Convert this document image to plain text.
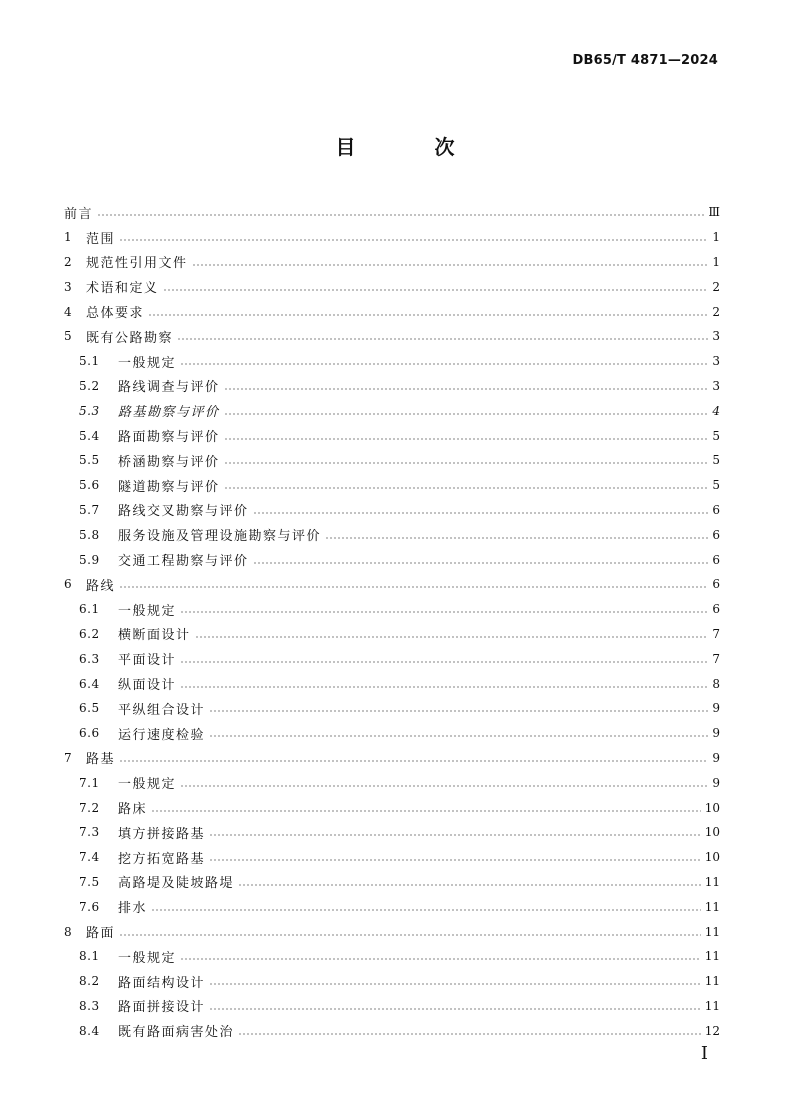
DB65/T 4871—2024
目 次
前言	Ⅲ
1	范围	1
2	规范性引用文件	1
3	术语和定义	2
4	总体要求	2
5	既有公路勘察	3
5.1	一般规定	3
5.2	路线调查与评价	3
5.3	路基勘察与评价	4
5.4	路面勘察与评价	5
5.5	桥涵勘察与评价	5
5.6	隧道勘察与评价	5
5.7	路线交叉勘察与评价	6
5.8	服务设施及管理设施勘察与评价	6
5.9	交通工程勘察与评价	6
6	路线	6
6.1	一般规定	6
6.2	横断面设计	7
6.3	平面设计	7
6.4	纵面设计	8
6.5	平纵组合设计	9
6.6	运行速度检验	9
7	路基	9
7.1	一般规定	9
7.2	路床	10
7.3	填方拼接路基	10
7.4	挖方拓宽路基	10
7.5	高路堤及陡坡路堤	11
7.6	排水	11
8	路面	11
8.1	一般规定	11
8.2	路面结构设计	11
8.3	路面拼接设计	11
8.4	既有路面病害处治	12
I
